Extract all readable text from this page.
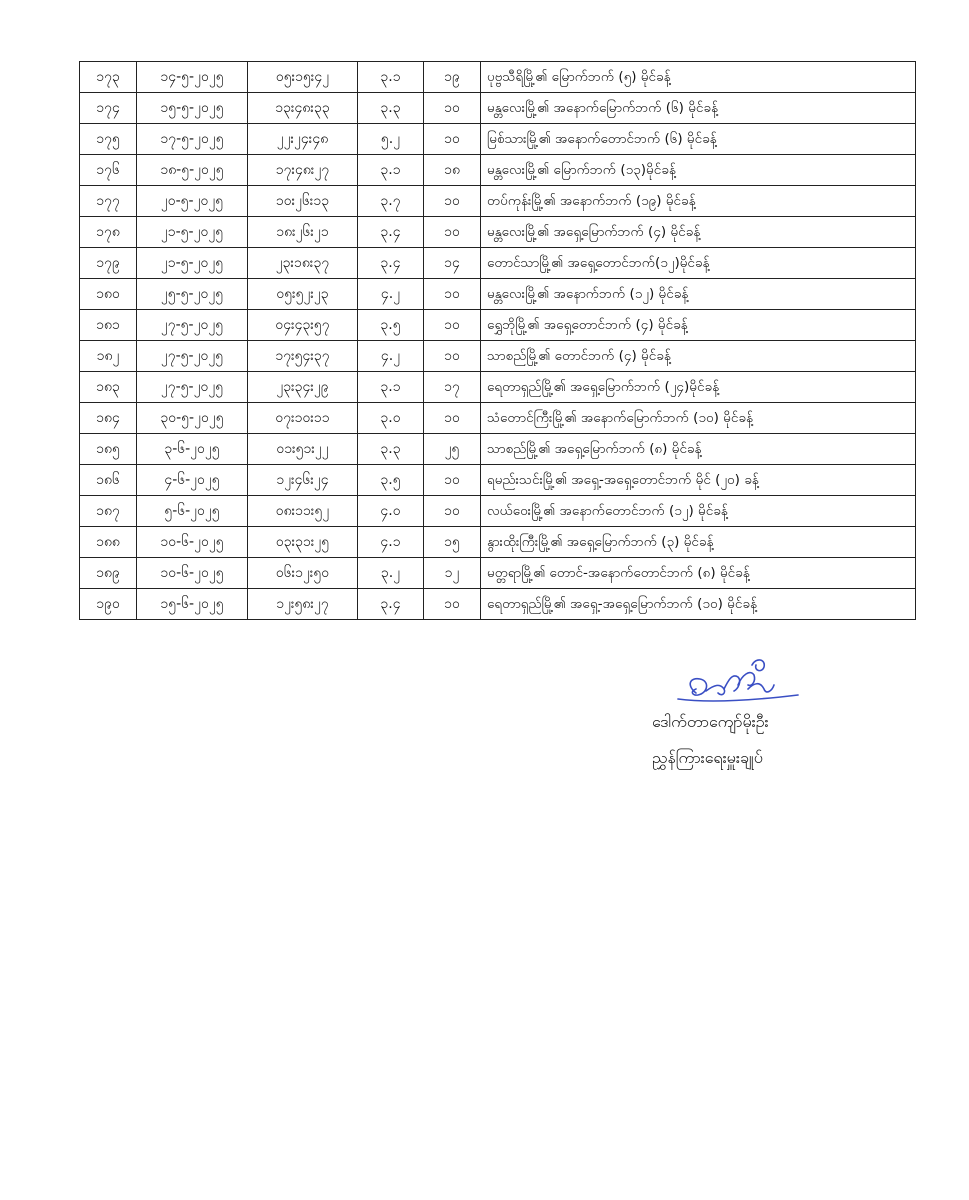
၁၇၃	၁၄-၅-၂၀၂၅	၀၅း၁၅း၄၂	၃.၁	၁၉	ပုဗ္ဗသီရိမြို့၏ မြောက်ဘက် (၅) မိုင်ခန့်
၁၇၄	၁၅-၅-၂၀၂၅	၁၃း၄၈း၃၃	၃.၃	၁၀	မန္တလေးမြို့၏ အနောက်မြောက်ဘက် (၆) မိုင်ခန့်
၁၇၅	၁၇-၅-၂၀၂၅	၂၂း၂၄း၄၈	၅.၂	၁၀	မြစ်သားမြို့၏ အနောက်တောင်ဘက် (၆) မိုင်ခန့်
၁၇၆	၁၈-၅-၂၀၂၅	၁၇း၄၈း၂၇	၃.၁	၁၈	မန္တလေးမြို့၏ မြောက်ဘက် (၁၃)မိုင်ခန့်
၁၇၇	၂၀-၅-၂၀၂၅	၁၀း၂၆း၁၃	၃.၇	၁၀	တပ်ကုန်းမြို့၏ အနောက်ဘက် (၁၉) မိုင်ခန့်
၁၇၈	၂၁-၅-၂၀၂၅	၁၈း၂၆း၂၁	၃.၄	၁၀	မန္တလေးမြို့၏ အရှေ့မြောက်ဘက် (၄) မိုင်ခန့်
၁၇၉	၂၁-၅-၂၀၂၅	၂၃း၁၈း၃၇	၃.၄	၁၄	တောင်သာမြို့၏ အရှေ့တောင်ဘက်(၁၂)မိုင်ခန့်
၁၈၀	၂၅-၅-၂၀၂၅	၀၅း၅၂း၂၃	၄.၂	၁၀	မန္တလေးမြို့၏ အနောက်ဘက် (၁၂) မိုင်ခန့်
၁၈၁	၂၇-၅-၂၀၂၅	၀၄း၄၃း၅၇	၃.၅	၁၀	ရွှေဘိုမြို့၏ အရှေ့တောင်ဘက် (၄) မိုင်ခန့်
၁၈၂	၂၇-၅-၂၀၂၅	၁၇း၅၄း၃၇	၄.၂	၁၀	သာစည်မြို့၏ တောင်ဘက် (၄) မိုင်ခန့်
၁၈၃	၂၇-၅-၂၀၂၅	၂၃း၃၄း၂၉	၃.၁	၁၇	ရေတာရှည်မြို့၏ အရှေ့မြောက်ဘက် (၂၄)မိုင်ခန့်
၁၈၄	၃၀-၅-၂၀၂၅	၀၇း၁၀း၁၁	၃.၀	၁၀	သံတောင်ကြီးမြို့၏ အနောက်မြောက်ဘက် (၁၀) မိုင်ခန့်
၁၈၅	၃-၆-၂၀၂၅	၀၁း၅၁း၂၂	၃.၃	၂၅	သာစည်မြို့၏ အရှေ့မြောက်ဘက် (၈) မိုင်ခန့်
၁၈၆	၄-၆-၂၀၂၅	၁၂း၄၆း၂၄	၃.၅	၁၀	ရမည်းသင်းမြို့၏ အရှေ့-အရှေ့တောင်ဘက် မိုင် (၂၀) ခန့်
၁၈၇	၅-၆-၂၀၂၅	၀၈း၁၁း၅၂	၄.၀	၁၀	လယ်ဝေးမြို့၏ အနောက်တောင်ဘက် (၁၂) မိုင်ခန့်
၁၈၈	၁၀-၆-၂၀၂၅	၀၃း၃၁း၂၅	၄.၁	၁၅	နွားထိုးကြီးမြို့၏ အရှေ့မြောက်ဘက် (၃) မိုင်ခန့်
၁၈၉	၁၀-၆-၂၀၂၅	၀၆း၁၂း၅၀	၃.၂	၁၂	မတ္တရာမြို့၏ တောင်-အနောက်တောင်ဘက် (၈) မိုင်ခန့်
၁၉၀	၁၅-၆-၂၀၂၅	၁၂း၅၈း၂၇	၃.၄	၁၀	ရေတာရှည်မြို့၏ အရှေ့-အရှေ့မြောက်ဘက် (၁၀) မိုင်ခန့်
ဒေါက်တာကျော်မိုးဦး
ညွှန်ကြားရေးမှူးချုပ်
